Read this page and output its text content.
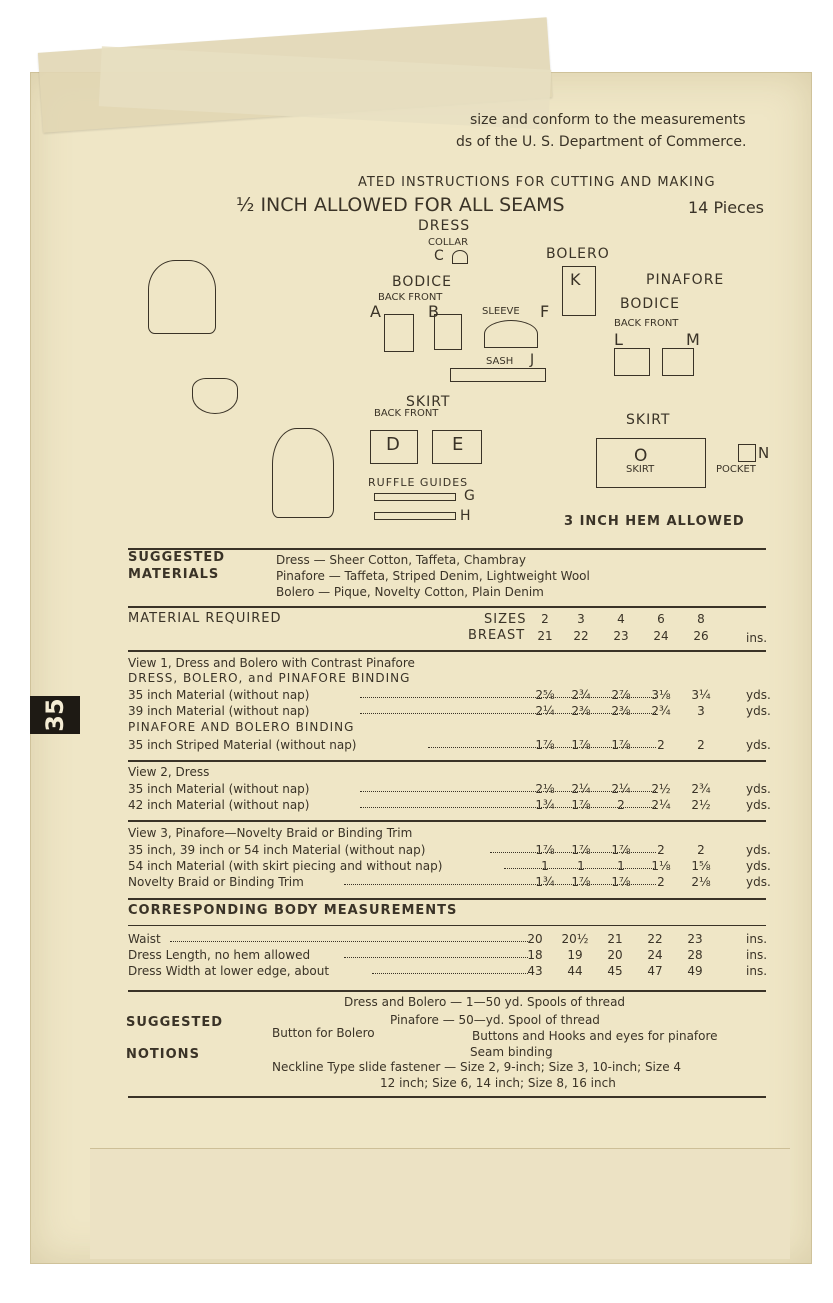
size and conform to the measurements
ds of the U. S. Department of Commerce.
ATED INSTRUCTIONS FOR CUTTING AND MAKING
½ INCH ALLOWED FOR ALL SEAMS	14 Pieces
DRESS
COLLAR
C	BOLERO
K	PINAFORE
BODICE
BACK FRONT
A	B	SLEEVE F	BODICE
BACK FRONT
L	M
SASH J
SKIRT
BACK FRONT
D	E
RUFFLE GUIDES
G
H
SKIRT
O
SKIRT
N
POCKET
3 INCH HEM ALLOWED
SUGGESTED
MATERIALS
Dress — Sheer Cotton, Taffeta, Chambray
Pinafore — Taffeta, Striped Denim, Lightweight Wool
Bolero — Pique, Novelty Cotton, Plain Denim
MATERIAL REQUIRED	SIZES
BREAST
2	3	4	6	8
21	22	23	24	26	ins.
View 1, Dress and Bolero with Contrast Pinafore
DRESS, BOLERO, and PINAFORE BINDING
35 inch Material (without nap)	2⅝	2¾	2⅞	3⅛	3¼	yds.
39 inch Material (without nap)	2¼	2⅜	2⅜	2¾	3	yds.
PINAFORE AND BOLERO BINDING
35 inch Striped Material (without nap)	1⅞	1⅞	1⅞	2	2	yds.
View 2, Dress
35 inch Material (without nap)	2⅛	2¼	2¼	2½	2¾	yds.
42 inch Material (without nap)	1¾	1⅞	2	2¼	2½	yds.
View 3, Pinafore—Novelty Braid or Binding Trim
35 inch, 39 inch or 54 inch Material (without nap)	1⅞	1⅞	1⅞	2	2	yds.
54 inch Material (with skirt piecing and without nap)	1	1	1	1⅛	1⅝	yds.
Novelty Braid or Binding Trim	1¾	1⅞	1⅞	2	2⅛	yds.
CORRESPONDING BODY MEASUREMENTS
Waist	20	20½	21	22	23	ins.
Dress Length, no hem allowed	18	19	20	24	28	ins.
Dress Width at lower edge, about	43	44	45	47	49	ins.
SUGGESTED
NOTIONS
Dress and Bolero — 1—50 yd. Spools of thread
Pinafore — 50—yd. Spool of thread
Button for Bolero	Buttons and Hooks and eyes for pinafore
Seam binding
Neckline Type slide fastener — Size 2, 9-inch; Size 3, 10-inch; Size 4
12 inch; Size 6, 14 inch; Size 8, 16 inch
35
